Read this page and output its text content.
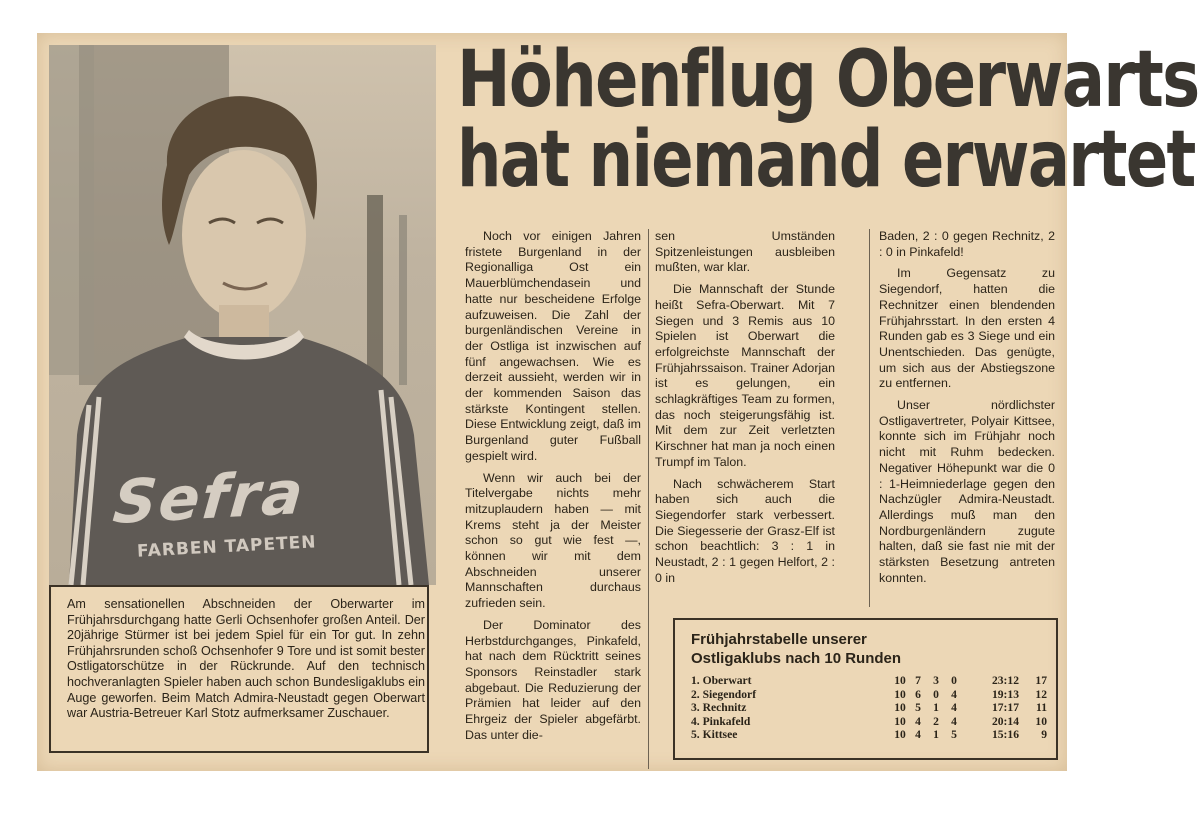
Sefra
FARBEN TAPETEN
Am sensationellen Abschneiden der Oberwarter im Frühjahrsdurchgang hatte Gerli Ochsenhofer großen Anteil. Der 20jährige Stürmer ist bei jedem Spiel für ein Tor gut. In zehn Frühjahrsrunden schoß Ochsenhofer 9 Tore und ist somit bester Ostligatorschütze in der Rückrunde. Auf den technisch hochveranlagten Spieler haben auch schon Bundesligaklubs ein Auge geworfen. Beim Match Admira-Neustadt gegen Oberwart war Austria-Betreuer Karl Stotz aufmerksamer Zuschauer.
Höhenflug Oberwarts
hat niemand erwartet

Noch vor einigen Jahren fristete Burgenland in der Regionalliga Ost ein Mauerblümchendasein und hatte nur bescheidene Erfolge aufzuweisen. Die Zahl der burgenländischen Vereine in der Ostliga ist inzwischen auf fünf angewachsen. Wie es derzeit aussieht, werden wir in der kommenden Saison das stärkste Kontingent stellen. Diese Entwicklung zeigt, daß im Burgenland guter Fußball gespielt wird.

Wenn wir auch bei der Titelvergabe nichts mehr mitzuplaudern haben — mit Krems steht ja der Meister schon so gut wie fest —, können wir mit dem Abschneiden unserer Mannschaften durchaus zufrieden sein.

Der Dominator des Herbstdurchganges, Pinkafeld, hat nach dem Rücktritt seines Sponsors Reinstadler stark abgebaut. Die Reduzierung der Prämien hat leider auf den Ehrgeiz der Spieler abgefärbt. Das unter die-

sen Umständen Spitzenleistungen ausbleiben mußten, war klar.

Die Mannschaft der Stunde heißt Sefra-Oberwart. Mit 7 Siegen und 3 Remis aus 10 Spielen ist Oberwart die erfolgreichste Mannschaft der Frühjahrssaison. Trainer Adorjan ist es gelungen, ein schlagkräftiges Team zu formen, das noch steigerungsfähig ist. Mit dem zur Zeit verletzten Kirschner hat man ja noch einen Trumpf im Talon.

Nach schwächerem Start haben sich auch die Siegendorfer stark verbessert. Die Siegesserie der Grasz-Elf ist schon beachtlich: 3 : 1 in Neustadt, 2 : 1 gegen Helfort, 2 : 0 in

Baden, 2 : 0 gegen Rechnitz, 2 : 0 in Pinkafeld!

Im Gegensatz zu Siegendorf, hatten die Rechnitzer einen blendenden Frühjahrsstart. In den ersten 4 Runden gab es 3 Siege und ein Unentschieden. Das genügte, um sich aus der Abstiegszone zu entfernen.

Unser nördlichster Ostligavertreter, Polyair Kittsee, konnte sich im Frühjahr noch nicht mit Ruhm bedecken. Negativer Höhepunkt war die 0 : 1-Heimniederlage gegen den Nachzügler Admira-Neustadt. Allerdings muß man den Nordburgenländern zugute halten, daß sie fast nie mit der stärksten Besetzung antreten konnten.

Frühjahrstabelle unserer
Ostligaklubs nach 10 Runden
1. Oberwart	10	7	3	0	23:12	17
2. Siegendorf	10	6	0	4	19:13	12
3. Rechnitz	10	5	1	4	17:17	11
4. Pinkafeld	10	4	2	4	20:14	10
5. Kittsee	10	4	1	5	15:16	9
